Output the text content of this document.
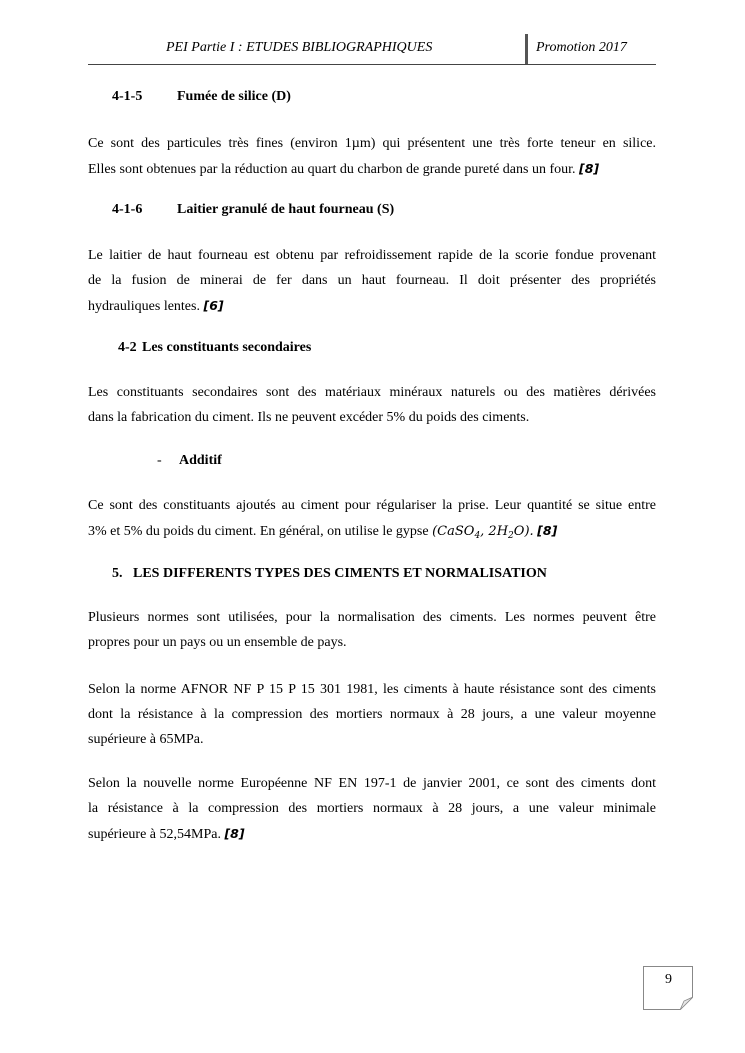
PEI Partie I : ETUDES BIBLIOGRAPHIQUES	Promotion 2017
4-1-5 Fumée de silice (D)
Ce sont des particules très fines (environ 1µm) qui présentent une très forte teneur en silice.
Elles sont obtenues par la réduction au quart du charbon de grande pureté dans un four. [8]
4-1-6 Laitier granulé de haut fourneau (S)
Le laitier de haut fourneau est obtenu par refroidissement rapide de la scorie fondue provenant
de la fusion de minerai de fer dans un haut fourneau. Il doit présenter des propriétés
hydrauliques lentes. [6]
4-2 Les constituants secondaires
Les constituants secondaires sont des matériaux minéraux naturels ou des matières dérivées
dans la fabrication du ciment. Ils ne peuvent excéder 5% du poids des ciments.
- Additif
Ce sont des constituants ajoutés au ciment pour régulariser la prise. Leur quantité se situe entre
3% et 5% du poids du ciment. En général, on utilise le gypse (CaSO$_4$, $2H_2O$). [8]
5. LES DIFFERENTS TYPES DES CIMENTS ET NORMALISATION
Plusieurs normes sont utilisées, pour la normalisation des ciments. Les normes peuvent être
propres pour un pays ou un ensemble de pays.
Selon la norme AFNOR NF P 15 P 15 301 1981, les ciments à haute résistance sont des ciments
dont la résistance à la compression des mortiers normaux à 28 jours, a une valeur moyenne
supérieure à 65MPa.
Selon la nouvelle norme Européenne NF EN 197-1 de janvier 2001, ce sont des ciments dont
la résistance à la compression des mortiers normaux à 28 jours, a une valeur minimale
supérieure à 52,54MPa. [8]
9
